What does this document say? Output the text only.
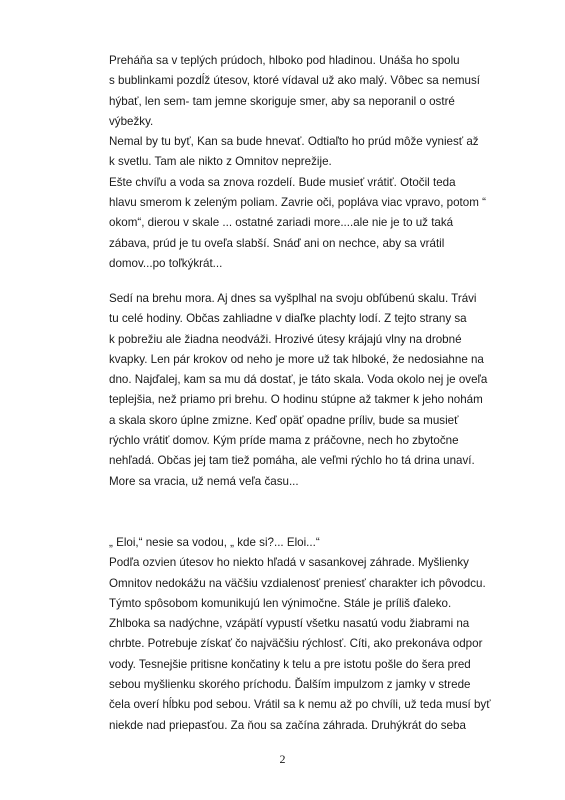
Preháňa sa v teplých prúdoch, hlboko pod hladinou. Unáša ho spolu
s bublinkami pozdĺž útesov, ktoré vídaval už ako malý. Vôbec sa nemusí
hýbať, len sem- tam jemne skoriguje smer, aby sa neporanil o ostré
výbežky.
Nemal by tu byť, Kan sa bude hnevať. Odtiaľto ho prúd môže vyniesť až
k svetlu. Tam ale nikto z Omnitov neprežije.
Ešte chvíľu a voda sa znova rozdelí. Bude musieť vrátiť. Otočil teda
hlavu smerom k zeleným poliam. Zavrie oči, popláva viac vpravo, potom “
okom“, dierou v skale ... ostatné zariadi more....ale nie je to už taká
zábava, prúd je tu oveľa slabší. Snáď ani on nechce, aby sa vrátil
domov...po toľkýkrát...
Sedí na brehu mora. Aj dnes sa vyšplhal na svoju obľúbenú skalu. Trávi
tu celé hodiny. Občas zahliadne v diaľke plachty lodí. Z tejto strany sa
k pobrežiu ale žiadna neodváži. Hrozivé útesy krájajú vlny na drobné
kvapky. Len pár krokov od neho je more už tak hlboké, že nedosiahne na
dno. Najďalej, kam sa mu dá dostať, je táto skala. Voda okolo nej je oveľa
teplejšia, než priamo pri brehu. O hodinu stúpne až takmer k jeho nohám
a skala skoro úplne zmizne. Keď opäť opadne príliv, bude sa musieť
rýchlo vrátiť domov. Kým príde mama z práčovne, nech ho zbytočne
nehľadá. Občas jej tam tiež pomáha, ale veľmi rýchlo ho tá drina unaví.
More sa vracia, už nemá veľa času...
„ Eloi,“ nesie sa vodou, „ kde si?... Eloi...“
Podľa ozvien útesov ho niekto hľadá v sasankovej záhrade. Myšlienky
Omnitov nedokážu na väčšiu vzdialenosť preniesť charakter ich pôvodcu.
Týmto spôsobom komunikujú len výnimočne. Stále je príliš ďaleko.
Zhlboka sa nadýchne, vzápätí vypustí všetku nasatú vodu žiabrami na
chrbte. Potrebuje získať čo najväčšiu rýchlosť. Cíti, ako prekonáva odpor
vody. Tesnejšie pritisne končatiny k telu a pre istotu pošle do šera pred
sebou myšlienku skorého príchodu. Ďalším impulzom z jamky v strede
čela overí hĺbku pod sebou. Vrátil sa k nemu až po chvíli, už teda musí byť
niekde nad priepasťou. Za ňou sa začína záhrada. Druhýkrát do seba
2
